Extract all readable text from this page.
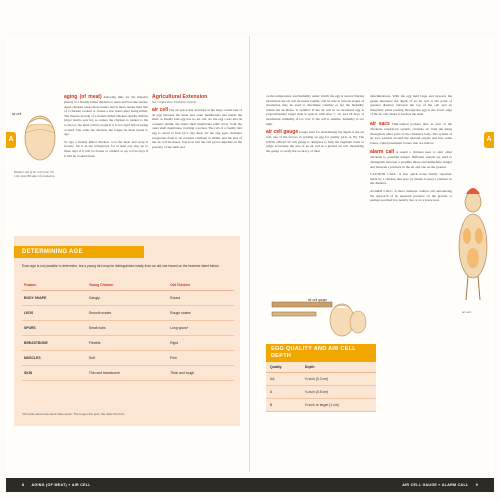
A
air cell
Relative size of air cell in the 7th, 14th, and 18th days of incubation.
aging (of meat) Allowing time for the muscles (meat) of a freshly killed chicken to relax and become tender. Aged chicken roasts more tender and is more tender than that of a chicken cooked or frozen a few hours after being killed. The muscle protein of a freshly killed chicken rapidly stiffens (rigor mortis sets in), so unless the chicken is rushed to the cook pot, the meat will be tough if it is not aged before being cooked. The older the chicken, the longer its meat needs to age.
To age a freshly killed chicken, cool the meat and wrap it loosely. Set it in the refrigerator for at least one day, up to three days if it will be frozen or canned, or up to five days if it will be cooked fresh.
Agricultural Extension
See Cooperative Extension System
air cell The air space that develops at the large, round end of an egg between the inner and outer membranes just inside the shell. A freshly laid egg has no air cell. As the egg cools and its contents shrink, the inner shell membrane pulls away from the outer shell membrane, forming a pocket. The cell of a freshly laid egg is about ⅛ inch (0.3 cm) deep. As the egg ages, moisture evaporates from it, its contents continue to shrink, and the size of the air cell increases. Just how fast the cell grows depends on the porosity of the shell and
DETERMINING AGE
Even age is not possible to determine, but a young bird may be distinguished easily from an old one based on the features listed below.
Feature	Young Chicken	Old Chicken
BODY SHAPE	Gangly	Round
LEGS	Smooth scales	Rough scales
SPURS	Small nubs	Long spurs*
BREASTBONE	Flexible	Rigid
MUSCLES	Soft	Firm
SKIN	Thin and translucent	Thick and tough
*All cocks and some hens have spurs. The longer the spur, the older the bird.
A
on the temperature and humidity under which the egg is stored. During incubation the air cell increases rapidly, and its size at various stages of incubation may be used to determine whether or not the humidity within the incubator is optimal. If the air cell in an incubated egg is proportionately larger than is typical with after 7, 14, and 18 days of incubation, humidity is too low; if the cell is smaller, humidity is too high.
air cell gauge Gauge used for determining the depth of the air cell, one of the factors in grading an egg for quality (AA, A, B). The USDA official air cell gauge is designed to help the beginner learn to judge accurately the size of an air cell as a graded air cell, measuring the gauge to verify the accuracy of their
air cell gauge
EGG QUALITY AND AIR CELL DEPTH
Quality	Depth
AA	⅛ inch (0.3 cm)
A	¾ inch (0.5 cm)
B	⅜ inch or larger (1 cm)
determinations. With the egg held large end upward, the gauge measures the depth of an air cell at the point of greatest distance between the top of the cell and an imaginary plane passing through the egg at the lower edge of the air cell where it touches the shell.
air sacs Thin-walled pockets that, as part of the chicken's respiratory system, circulate air from the lungs throughout other parts of the chicken's body. The system of air sacs extends around the internal organs and into some bones, called pneumatic bones, that are hollow.
alarm call A sound a chicken uses to alert other chickens to potential danger. Different sounds are used to distinguish between a possible threat and immediate danger and between a predator in the air and one on the ground.
CAUTION CALL. A few quick notes briefly repeated, made by a chicken that sees (or thinks it sees) a predator in the distance.
ALARM CALL. A more insistent caution call announcing the approach of an apparent predator on the ground or perhaps perched in a nearby tree or on a fence post.
air sacs
8 AGING (OF MEAT) » AIR CELL	AIR CELL GAUGE » ALARM CALL 9
